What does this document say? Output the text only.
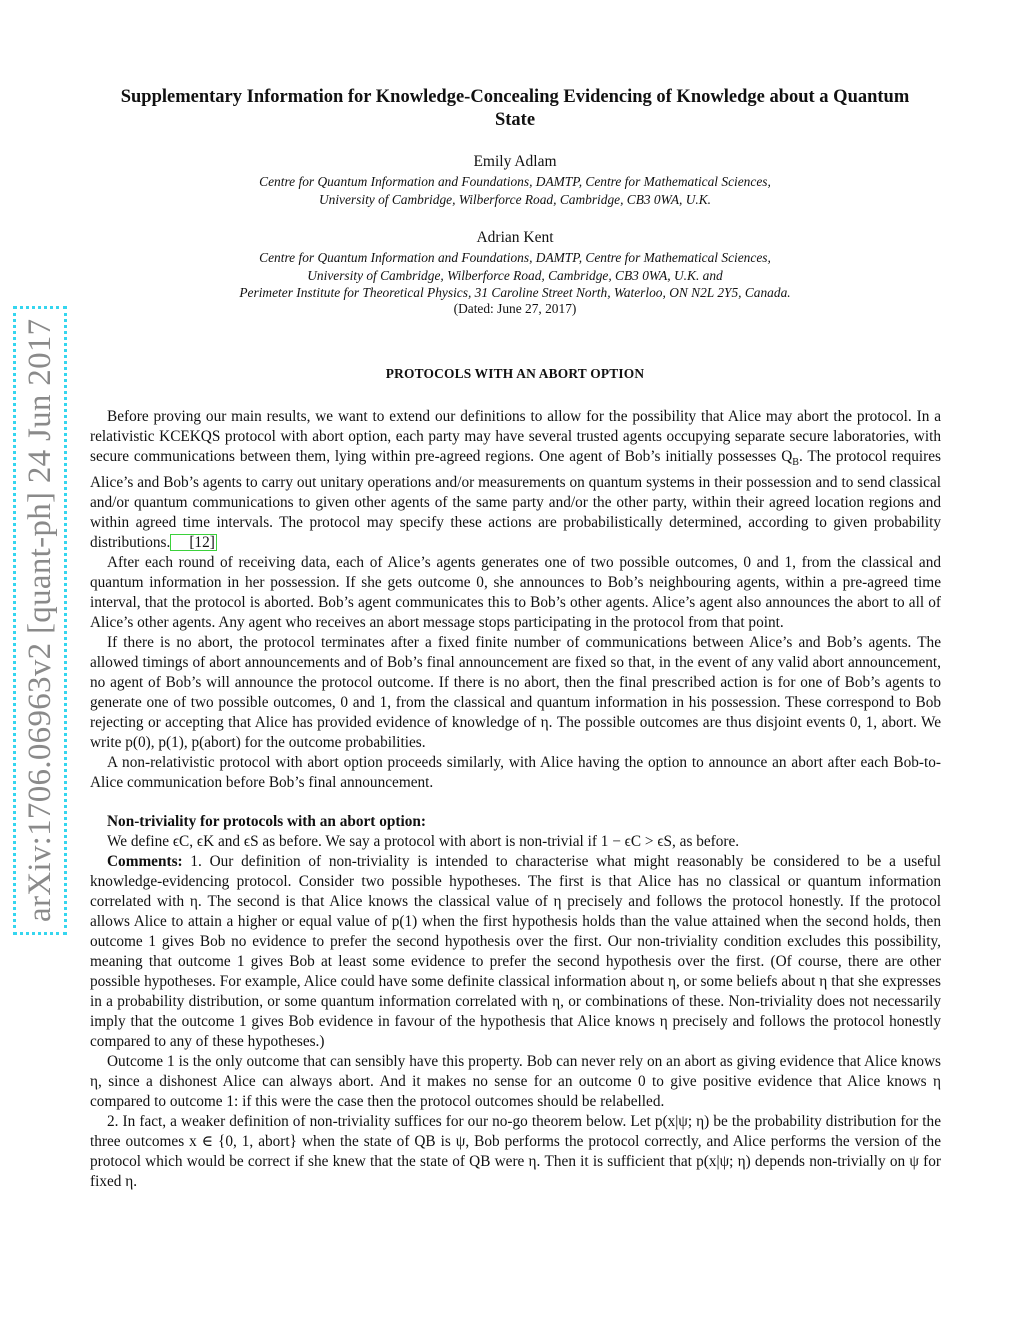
arXiv:1706.06963v2 [quant-ph] 24 Jun 2017
Supplementary Information for Knowledge-Concealing Evidencing of Knowledge about a Quantum
State
Emily Adlam
Centre for Quantum Information and Foundations, DAMTP, Centre for Mathematical Sciences,
University of Cambridge, Wilberforce Road, Cambridge, CB3 0WA, U.K.
Adrian Kent
Centre for Quantum Information and Foundations, DAMTP, Centre for Mathematical Sciences,
University of Cambridge, Wilberforce Road, Cambridge, CB3 0WA, U.K. and
Perimeter Institute for Theoretical Physics, 31 Caroline Street North, Waterloo, ON N2L 2Y5, Canada.
(Dated: June 27, 2017)
PROTOCOLS WITH AN ABORT OPTION

Before proving our main results, we want to extend our definitions to allow for the possibility that Alice may abort the protocol. In a relativistic KCEKQS protocol with abort option, each party may have several trusted agents occupying separate secure laboratories, with secure communications between them, lying within pre-agreed regions. One agent of Bob’s initially possesses $Q_B$. The protocol requires Alice’s and Bob’s agents to carry out unitary operations and/or measurements on quantum systems in their possession and to send classical and/or quantum communications to given other agents of the same party and/or the other party, within their agreed location regions and within agreed time intervals. The protocol may specify these actions are probabilistically determined, according to given probability distributions. [12]

After each round of receiving data, each of Alice’s agents generates one of two possible outcomes, 0 and 1, from the classical and quantum information in her possession. If she gets outcome 0, she announces to Bob’s neighbouring agents, within a pre-agreed time interval, that the protocol is aborted. Bob’s agent communicates this to Bob’s other agents. Alice’s agent also announces the abort to all of Alice’s other agents. Any agent who receives an abort message stops participating in the protocol from that point.

If there is no abort, the protocol terminates after a fixed finite number of communications between Alice’s and Bob’s agents. The allowed timings of abort announcements and of Bob’s final announcement are fixed so that, in the event of any valid abort announcement, no agent of Bob’s will announce the protocol outcome. If there is no abort, then the final prescribed action is for one of Bob’s agents to generate one of two possible outcomes, 0 and 1, from the classical and quantum information in his possession. These correspond to Bob rejecting or accepting that Alice has provided evidence of knowledge of η. The possible outcomes are thus disjoint events 0, 1, abort. We write p(0), p(1), p(abort) for the outcome probabilities.

A non-relativistic protocol with abort option proceeds similarly, with Alice having the option to announce an abort after each Bob-to-Alice communication before Bob’s final announcement.

Non-triviality for protocols with an abort option:

We define ϵC, ϵK and ϵS as before. We say a protocol with abort is non-trivial if 1 − ϵC > ϵS, as before.

Comments: 1. Our definition of non-triviality is intended to characterise what might reasonably be considered to be a useful knowledge-evidencing protocol. Consider two possible hypotheses. The first is that Alice has no classical or quantum information correlated with η. The second is that Alice knows the classical value of η precisely and follows the protocol honestly. If the protocol allows Alice to attain a higher or equal value of p(1) when the first hypothesis holds than the value attained when the second holds, then outcome 1 gives Bob no evidence to prefer the second hypothesis over the first. Our non-triviality condition excludes this possibility, meaning that outcome 1 gives Bob at least some evidence to prefer the second hypothesis over the first. (Of course, there are other possible hypotheses. For example, Alice could have some definite classical information about η, or some beliefs about η that she expresses in a probability distribution, or some quantum information correlated with η, or combinations of these. Non-triviality does not necessarily imply that the outcome 1 gives Bob evidence in favour of the hypothesis that Alice knows η precisely and follows the protocol honestly compared to any of these hypotheses.)

Outcome 1 is the only outcome that can sensibly have this property. Bob can never rely on an abort as giving evidence that Alice knows η, since a dishonest Alice can always abort. And it makes no sense for an outcome 0 to give positive evidence that Alice knows η compared to outcome 1: if this were the case then the protocol outcomes should be relabelled.

2. In fact, a weaker definition of non-triviality suffices for our no-go theorem below. Let p(x|ψ; η) be the probability distribution for the three outcomes x ∈ {0, 1, abort} when the state of QB is ψ, Bob performs the protocol correctly, and Alice performs the version of the protocol which would be correct if she knew that the state of QB were η. Then it is sufficient that p(x|ψ; η) depends non-trivially on ψ for fixed η.
